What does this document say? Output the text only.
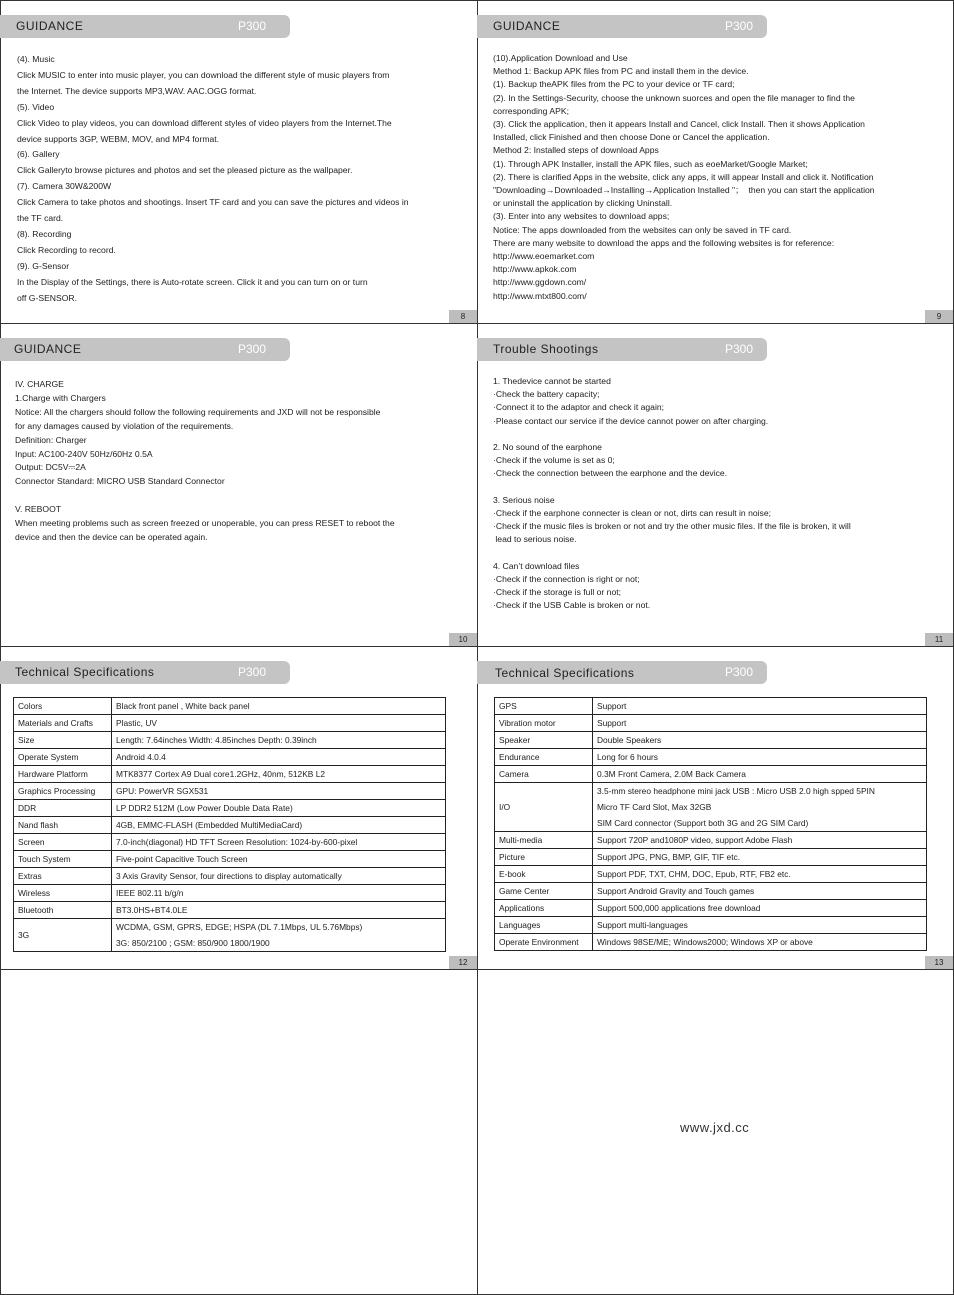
GUIDANCE	P300
(4). Music
Click MUSIC to enter into music player, you can download the different style of music players from
the Internet. The device supports MP3,WAV. AAC.OGG format.
(5). Video
Click Video to play videos, you can download different styles of video players from the Internet.The
device supports 3GP, WEBM, MOV, and MP4 format.
(6). Gallery
Click Galleryto browse pictures and photos and set the pleased picture as the wallpaper.
(7). Camera 30W&200W
Click Camera to take photos and shootings. Insert TF card and you can save the pictures and videos in
the TF card.
(8). Recording
Click Recording to record.
(9). G-Sensor
In the Display of the Settings, there is Auto-rotate screen. Click it and you can turn on or turn
off G-SENSOR.
8
GUIDANCE	P300
(10).Application Download and Use
Method 1: Backup APK files from PC and install them in the device.
(1). Backup theAPK files from the PC to your device or TF card;
(2). In the Settings-Security, choose the unknown suorces and open the file manager to find the
corresponding APK;
(3). Click the application, then it appears Install and Cancel, click Install. Then it shows Application
Installed, click Finished and then choose Done or Cancel the application.
Method 2: Installed steps of download Apps
(1). Through APK Installer, install the APK files, such as eoeMarket/Google Market;
(2). There is clarified Apps in the website, click any apps, it will appear Install and click it. Notification
"Downloading→Downloaded→Installing→Application Installed "；  then you can start the application
or uninstall the application by clicking Uninstall.
(3). Enter into any websites to download apps;
Notice: The apps downloaded from the websites can only be saved in TF card.
There are many website to download the apps and the following websites is for reference:
http://www.eoemarket.com
http://www.apkok.com
http://www.ggdown.com/
http://www.mtxt800.com/
9
GUIDANCE	P300
IV. CHARGE
1.Charge with Chargers
Notice: All the chargers should follow the following requirements and JXD will not be responsible
for any damages caused by violation of the requirements.
Definition: Charger
Input: AC100-240V 50Hz/60Hz 0.5A
Output: DC5V⎓2A
Connector Standard: MICRO USB Standard Connector

V. REBOOT
When meeting problems such as screen freezed or unoperable, you can press RESET to reboot the
device and then the device can be operated again.
10
Trouble Shootings	P300
1. Thedevice cannot be started
·Check the battery capacity;
·Connect it to the adaptor and check it again;
·Please contact our service if the device cannot power on after charging.

2. No sound of the earphone
·Check if the volume is set as 0;
·Check the connection between the earphone and the device.

3. Serious noise
·Check if the earphone connecter is clean or not, dirts can result in noise;
·Check if the music files is broken or not and try the other music files. If the file is broken, it will
lead to serious noise.

4. Can’t download files
·Check if the connection is right or not;
·Check if the storage is full or not;
·Check if the USB Cable is broken or not.
11
Technical Specifications	P300
Colors	Black front panel , White back panel
Materials and Crafts	Plastic, UV
Size	Length: 7.64inches Width: 4.85inches Depth: 0.39inch
Operate System	Android 4.0.4
Hardware Platform	MTK8377 Cortex A9 Dual core1.2GHz, 40nm, 512KB L2
Graphics Processing	GPU: PowerVR SGX531
DDR	LP DDR2 512M (Low Power Double Data Rate)
Nand flash	4GB, EMMC-FLASH (Embedded MultiMediaCard)
Screen	7.0-inch(diagonal) HD TFT Screen Resolution: 1024-by-600-pixel
Touch System	Five-point Capacitive Touch Screen
Extras	3 Axis Gravity Sensor, four directions to display automatically
Wireless	IEEE 802.11 b/g/n
Bluetooth	BT3.0HS+BT4.0LE
3G	WCDMA, GSM, GPRS, EDGE; HSPA (DL 7.1Mbps, UL 5.76Mbps)
	3G: 850/2100 ; GSM: 850/900 1800/1900
12
Technical Specifications	P300
GPS	Support
Vibration motor	Support
Speaker	Double Speakers
Endurance	Long for 6 hours
Camera	0.3M Front Camera, 2.0M Back Camera
I/O	3.5-mm stereo headphone mini jack USB : Micro USB 2.0 high spped 5PIN
	Micro TF Card Slot, Max 32GB
	SIM Card connector (Support both 3G and 2G SIM Card)
Multi-media	Support 720P and1080P video, support Adobe Flash
Picture	Support JPG, PNG, BMP, GIF, TIF etc.
E-book	Support PDF, TXT, CHM, DOC, Epub, RTF, FB2 etc.
Game Center	Support Android Gravity and Touch games
Applications	Support 500,000 applications free download
Languages	Support multi-languages
Operate Environment	Windows 98SE/ME; Windows2000; Windows XP or above
13
www.jxd.cc
